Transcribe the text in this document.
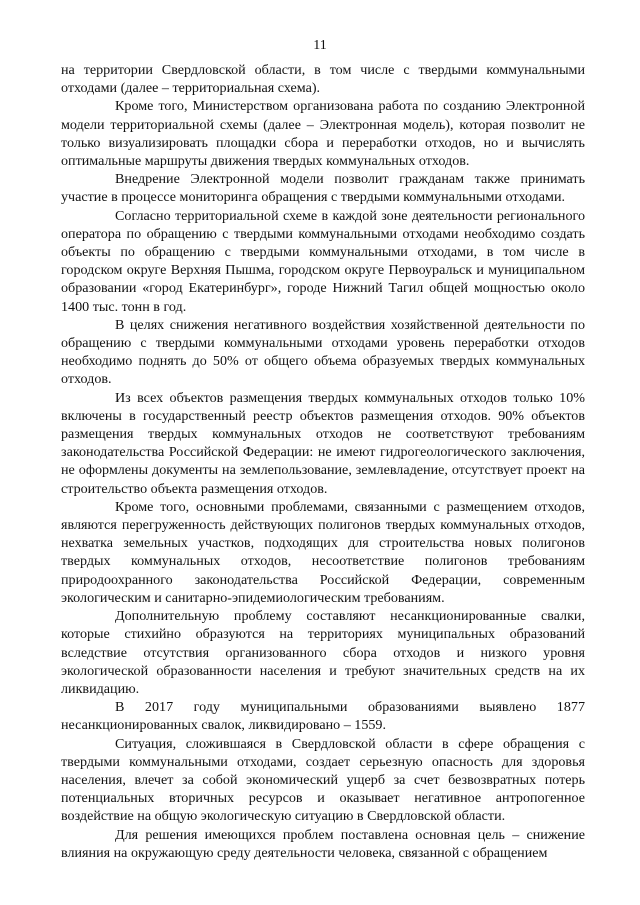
11

на территории Свердловской области, в том числе с твердыми коммунальными отходами (далее – территориальная схема).

Кроме того, Министерством организована работа по созданию Электронной модели территориальной схемы (далее – Электронная модель), которая позволит не только визуализировать площадки сбора и переработки отходов, но и вычислять оптимальные маршруты движения твердых коммунальных отходов.

Внедрение Электронной модели позволит гражданам также принимать участие в процессе мониторинга обращения с твердыми коммунальными отходами.

Согласно территориальной схеме в каждой зоне деятельности регионального оператора по обращению с твердыми коммунальными отходами необходимо создать объекты по обращению с твердыми коммунальными отходами, в том числе в городском округе Верхняя Пышма, городском округе Первоуральск и муниципальном образовании «город Екатеринбург», городе Нижний Тагил общей мощностью около 1400 тыс. тонн в год.

В целях снижения негативного воздействия хозяйственной деятельности по обращению с твердыми коммунальными отходами уровень переработки отходов необходимо поднять до 50% от общего объема образуемых твердых коммунальных отходов.

Из всех объектов размещения твердых коммунальных отходов только 10% включены в государственный реестр объектов размещения отходов. 90% объектов размещения твердых коммунальных отходов не соответствуют требованиям законодательства Российской Федерации: не имеют гидрогеологического заключения, не оформлены документы на землепользование, землевладение, отсутствует проект на строительство объекта размещения отходов.

Кроме того, основными проблемами, связанными с размещением отходов, являются перегруженность действующих полигонов твердых коммунальных отходов, нехватка земельных участков, подходящих для строительства новых полигонов твердых коммунальных отходов, несоответствие полигонов требованиям природоохранного законодательства Российской Федерации, современным экологическим и санитарно-эпидемиологическим требованиям.

Дополнительную проблему составляют несанкционированные свалки, которые стихийно образуются на территориях муниципальных образований вследствие отсутствия организованного сбора отходов и низкого уровня экологической образованности населения и требуют значительных средств на их ликвидацию.

В 2017 году муниципальными образованиями выявлено 1877 несанкционированных свалок, ликвидировано – 1559.

Ситуация, сложившаяся в Свердловской области в сфере обращения с твердыми коммунальными отходами, создает серьезную опасность для здоровья населения, влечет за собой экономический ущерб за счет безвозвратных потерь потенциальных вторичных ресурсов и оказывает негативное антропогенное воздействие на общую экологическую ситуацию в Свердловской области.

Для решения имеющихся проблем поставлена основная цель – снижение влияния на окружающую среду деятельности человека, связанной с обращением
